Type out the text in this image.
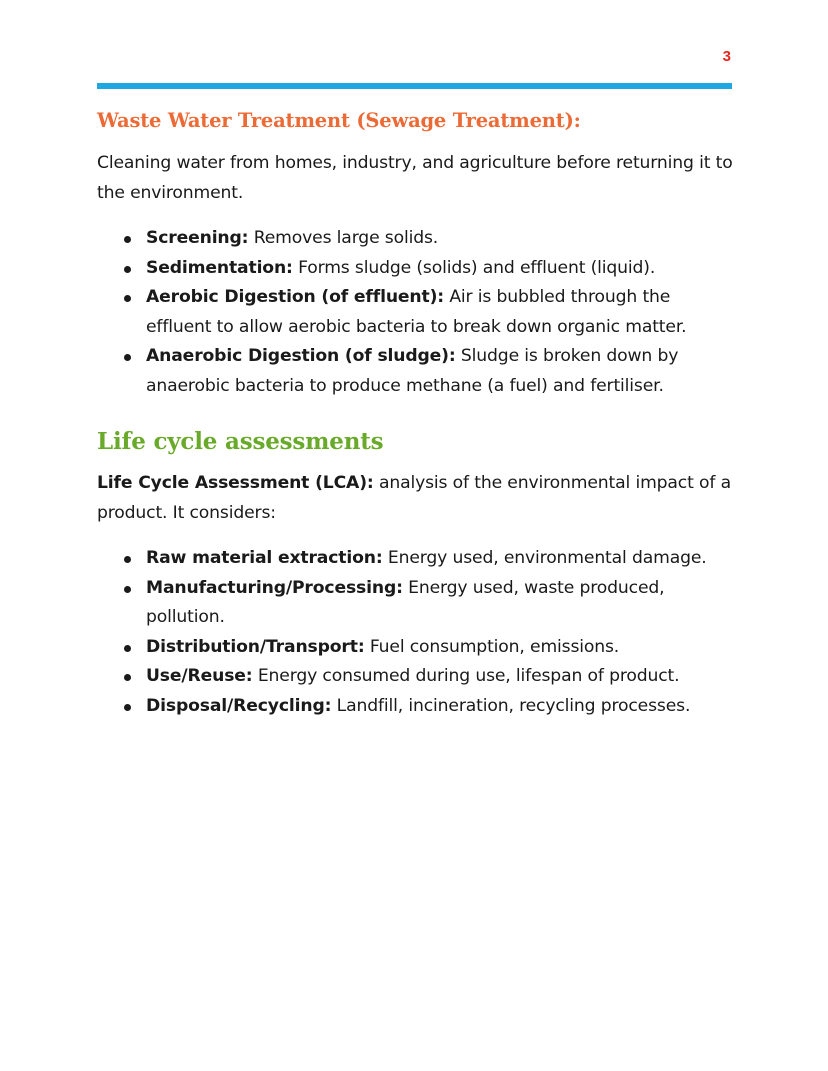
3
Waste Water Treatment (Sewage Treatment):

Cleaning water from homes, industry, and agriculture before returning it to the environment.

Screening: Removes large solids.
Sedimentation: Forms sludge (solids) and effluent (liquid).
Aerobic Digestion (of effluent): Air is bubbled through the effluent to allow aerobic bacteria to break down organic matter.
Anaerobic Digestion (of sludge): Sludge is broken down by anaerobic bacteria to produce methane (a fuel) and fertiliser.
Life cycle assessments

Life Cycle Assessment (LCA): analysis of the environmental impact of a product. It considers:

Raw material extraction: Energy used, environmental damage.
Manufacturing/Processing: Energy used, waste produced, pollution.
Distribution/Transport: Fuel consumption, emissions.
Use/Reuse: Energy consumed during use, lifespan of product.
Disposal/Recycling: Landfill, incineration, recycling processes.
